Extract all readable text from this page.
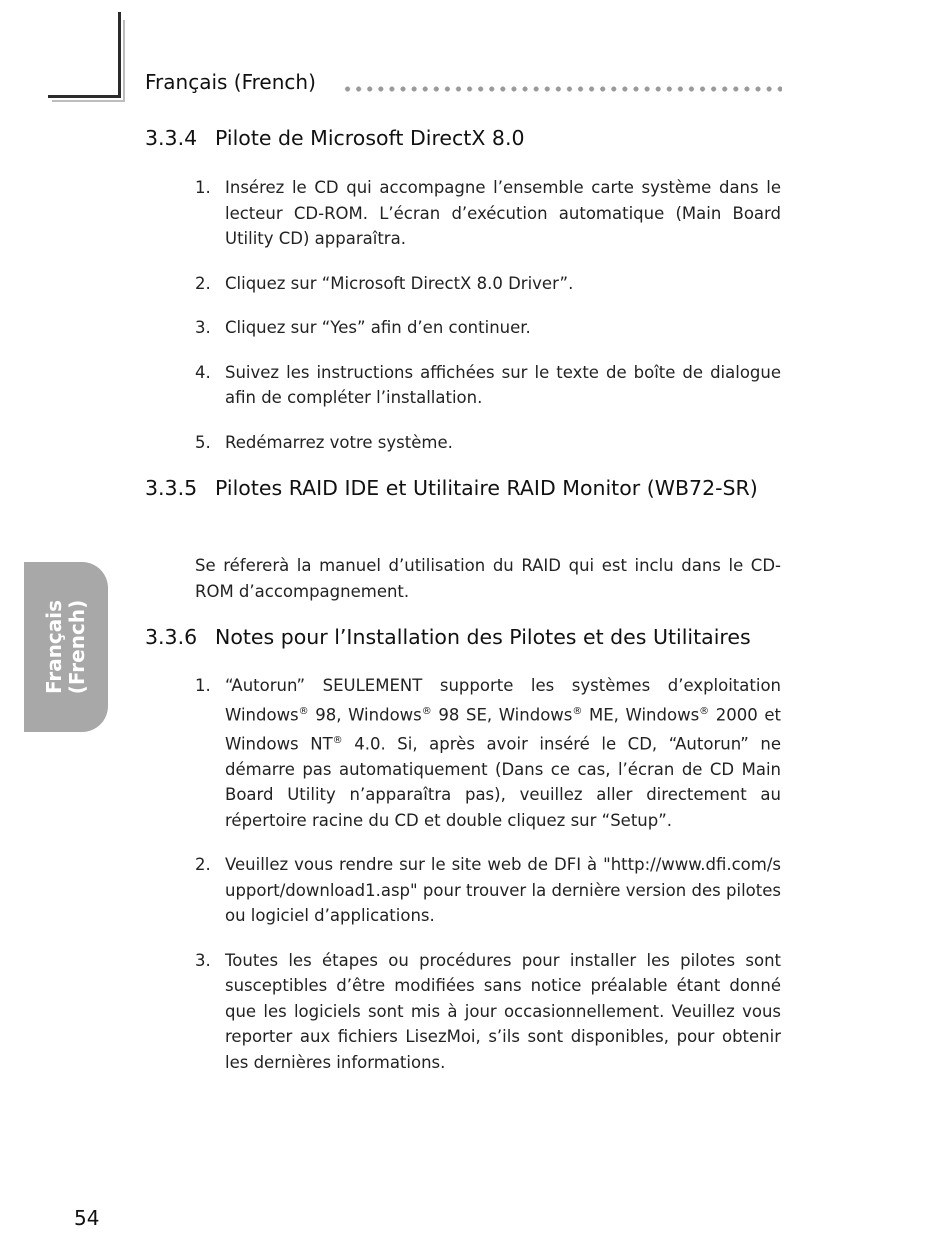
Français (French)
3.3.4 Pilote de Microsoft DirectX 8.0
1. Insérez le CD qui accompagne l’ensemble carte système dans le lecteur CD-ROM. L’écran d’exécution automatique (Main Board Utility CD) apparaîtra.
2. Cliquez sur “Microsoft DirectX 8.0 Driver”.
3. Cliquez sur “Yes” afin d’en continuer.
4. Suivez les instructions affichées sur le texte de boîte de dialogue afin de compléter l’installation.
5. Redémarrez votre système.
3.3.5 Pilotes RAID IDE et Utilitaire RAID Monitor (WB72-SR)
Se réfererà la manuel d’utilisation du RAID qui est inclu dans le CD-ROM d’accompagnement.
3.3.6 Notes pour l’Installation des Pilotes et des Utilitaires
1. “Autorun” SEULEMENT supporte les systèmes d’exploitation Windows® 98, Windows® 98 SE, Windows® ME, Windows® 2000 et Windows NT® 4.0. Si, après avoir inséré le CD, “Autorun” ne démarre pas automatiquement (Dans ce cas, l’écran de CD Main Board Utility n’apparaîtra pas), veuillez aller directement au répertoire racine du CD et double cliquez sur “Setup”.
2. Veuillez vous rendre sur le site web de DFI à "http://www.dfi.com/support/download1.asp" pour trouver la dernière version des pilotes ou logiciel d’applications.
3. Toutes les étapes ou procédures pour installer les pilotes sont susceptibles d’être modifiées sans notice préalable étant donné que les logiciels sont mis à jour occasionnellement. Veuillez vous reporter aux fichiers LisezMoi, s’ils sont disponibles, pour obtenir les dernières informations.
Français (French)
54
